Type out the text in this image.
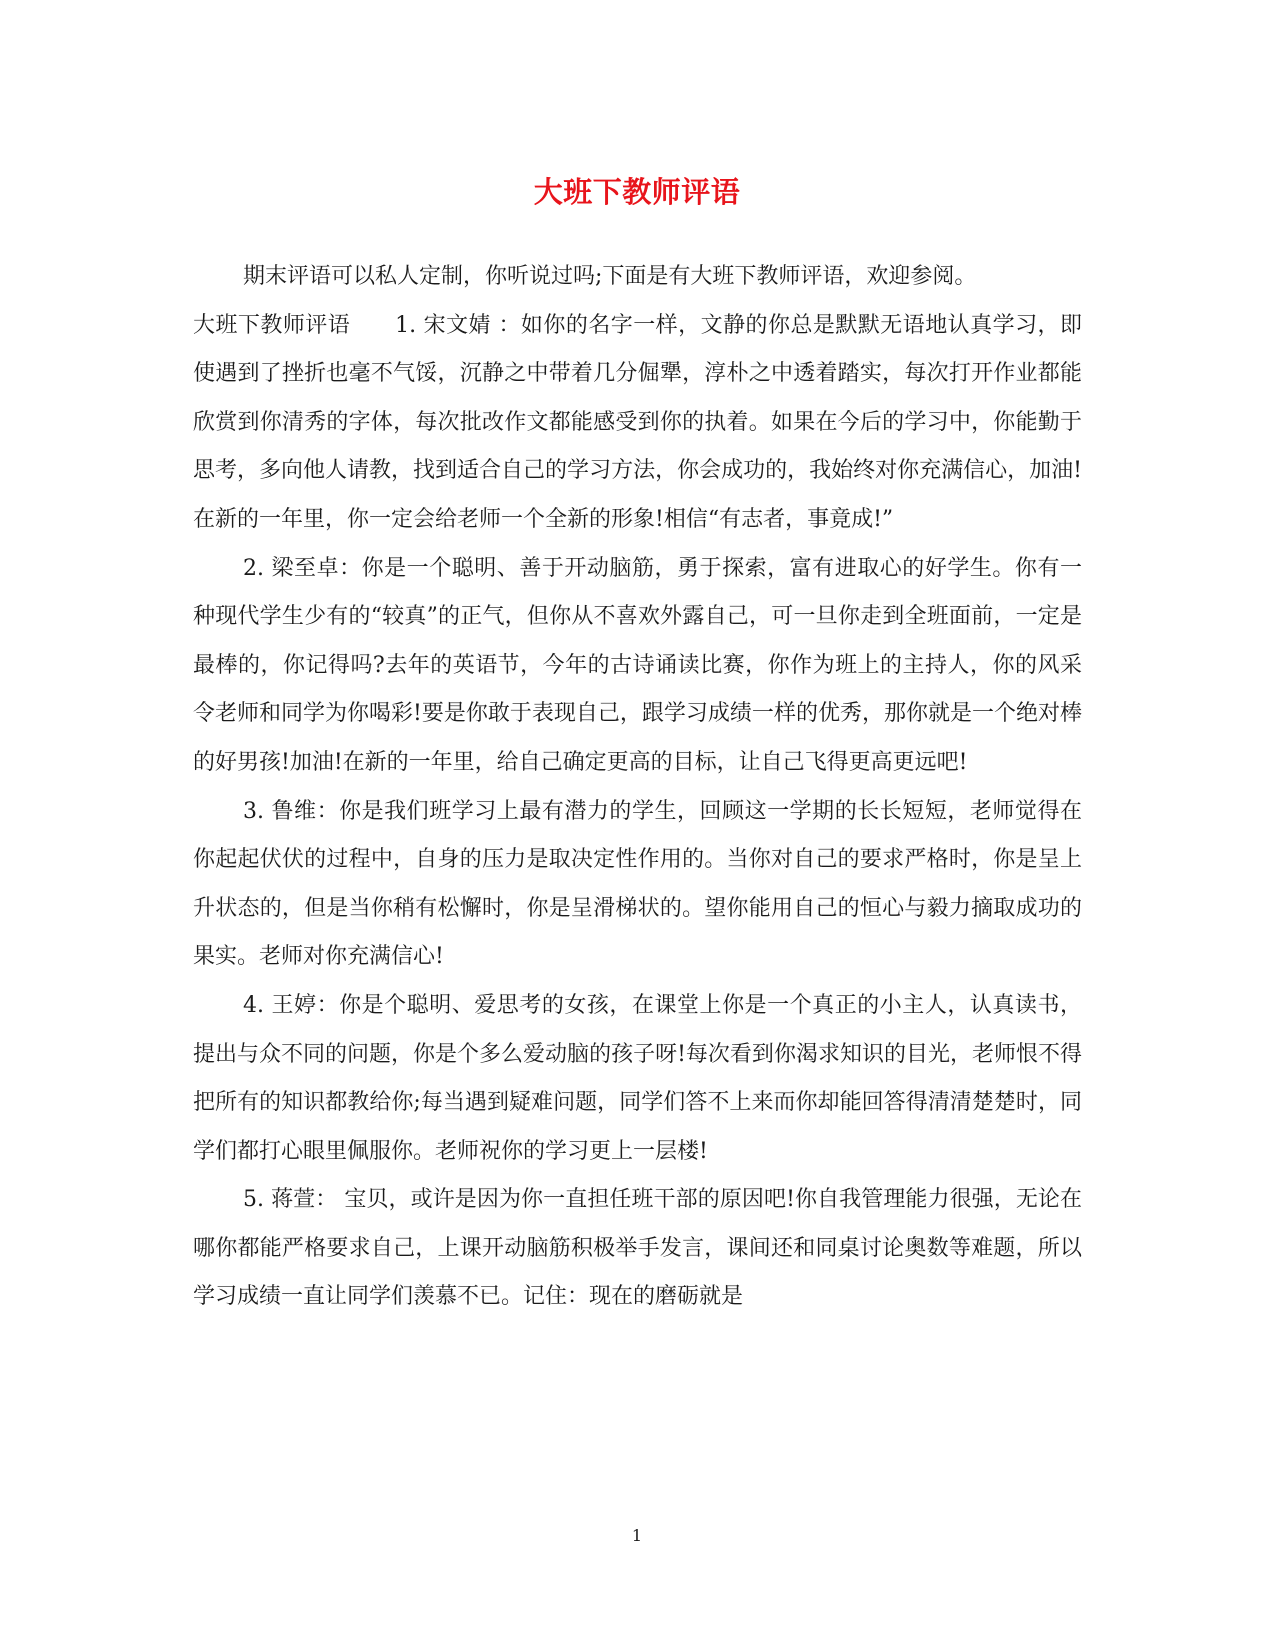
大班下教师评语

期末评语可以私人定制，你听说过吗;下面是有大班下教师评语，欢迎参阅。

大班下教师评语　　1. 宋文婧 ：如你的名字一样，文静的你总是默默无语地认真学习，即使遇到了挫折也毫不气馁，沉静之中带着几分倔犟，淳朴之中透着踏实，每次打开作业都能欣赏到你清秀的字体，每次批改作文都能感受到你的执着。如果在今后的学习中，你能勤于思考，多向他人请教，找到适合自己的学习方法，你会成功的，我始终对你充满信心，加油!在新的一年里，你一定会给老师一个全新的形象!相信“有志者，事竟成!”

2. 梁至卓：你是一个聪明、善于开动脑筋，勇于探索，富有进取心的好学生。你有一种现代学生少有的“较真”的正气，但你从不喜欢外露自己，可一旦你走到全班面前，一定是最棒的，你记得吗?去年的英语节，今年的古诗诵读比赛，你作为班上的主持人，你的风采令老师和同学为你喝彩!要是你敢于表现自己，跟学习成绩一样的优秀，那你就是一个绝对棒的好男孩!加油!在新的一年里，给自己确定更高的目标，让自己飞得更高更远吧!

3. 鲁维：你是我们班学习上最有潜力的学生，回顾这一学期的长长短短，老师觉得在你起起伏伏的过程中，自身的压力是取决定性作用的。当你对自己的要求严格时，你是呈上升状态的，但是当你稍有松懈时，你是呈滑梯状的。望你能用自己的恒心与毅力摘取成功的果实。老师对你充满信心!

4. 王婷：你是个聪明、爱思考的女孩，在课堂上你是一个真正的小主人，认真读书，提出与众不同的问题，你是个多么爱动脑的孩子呀!每次看到你渴求知识的目光，老师恨不得把所有的知识都教给你;每当遇到疑难问题，同学们答不上来而你却能回答得清清楚楚时，同学们都打心眼里佩服你。老师祝你的学习更上一层楼!

5. 蒋萱： 宝贝，或许是因为你一直担任班干部的原因吧!你自我管理能力很强，无论在哪你都能严格要求自己，上课开动脑筋积极举手发言，课间还和同桌讨论奥数等难题，所以学习成绩一直让同学们羡慕不已。记住：现在的磨砺就是

1
